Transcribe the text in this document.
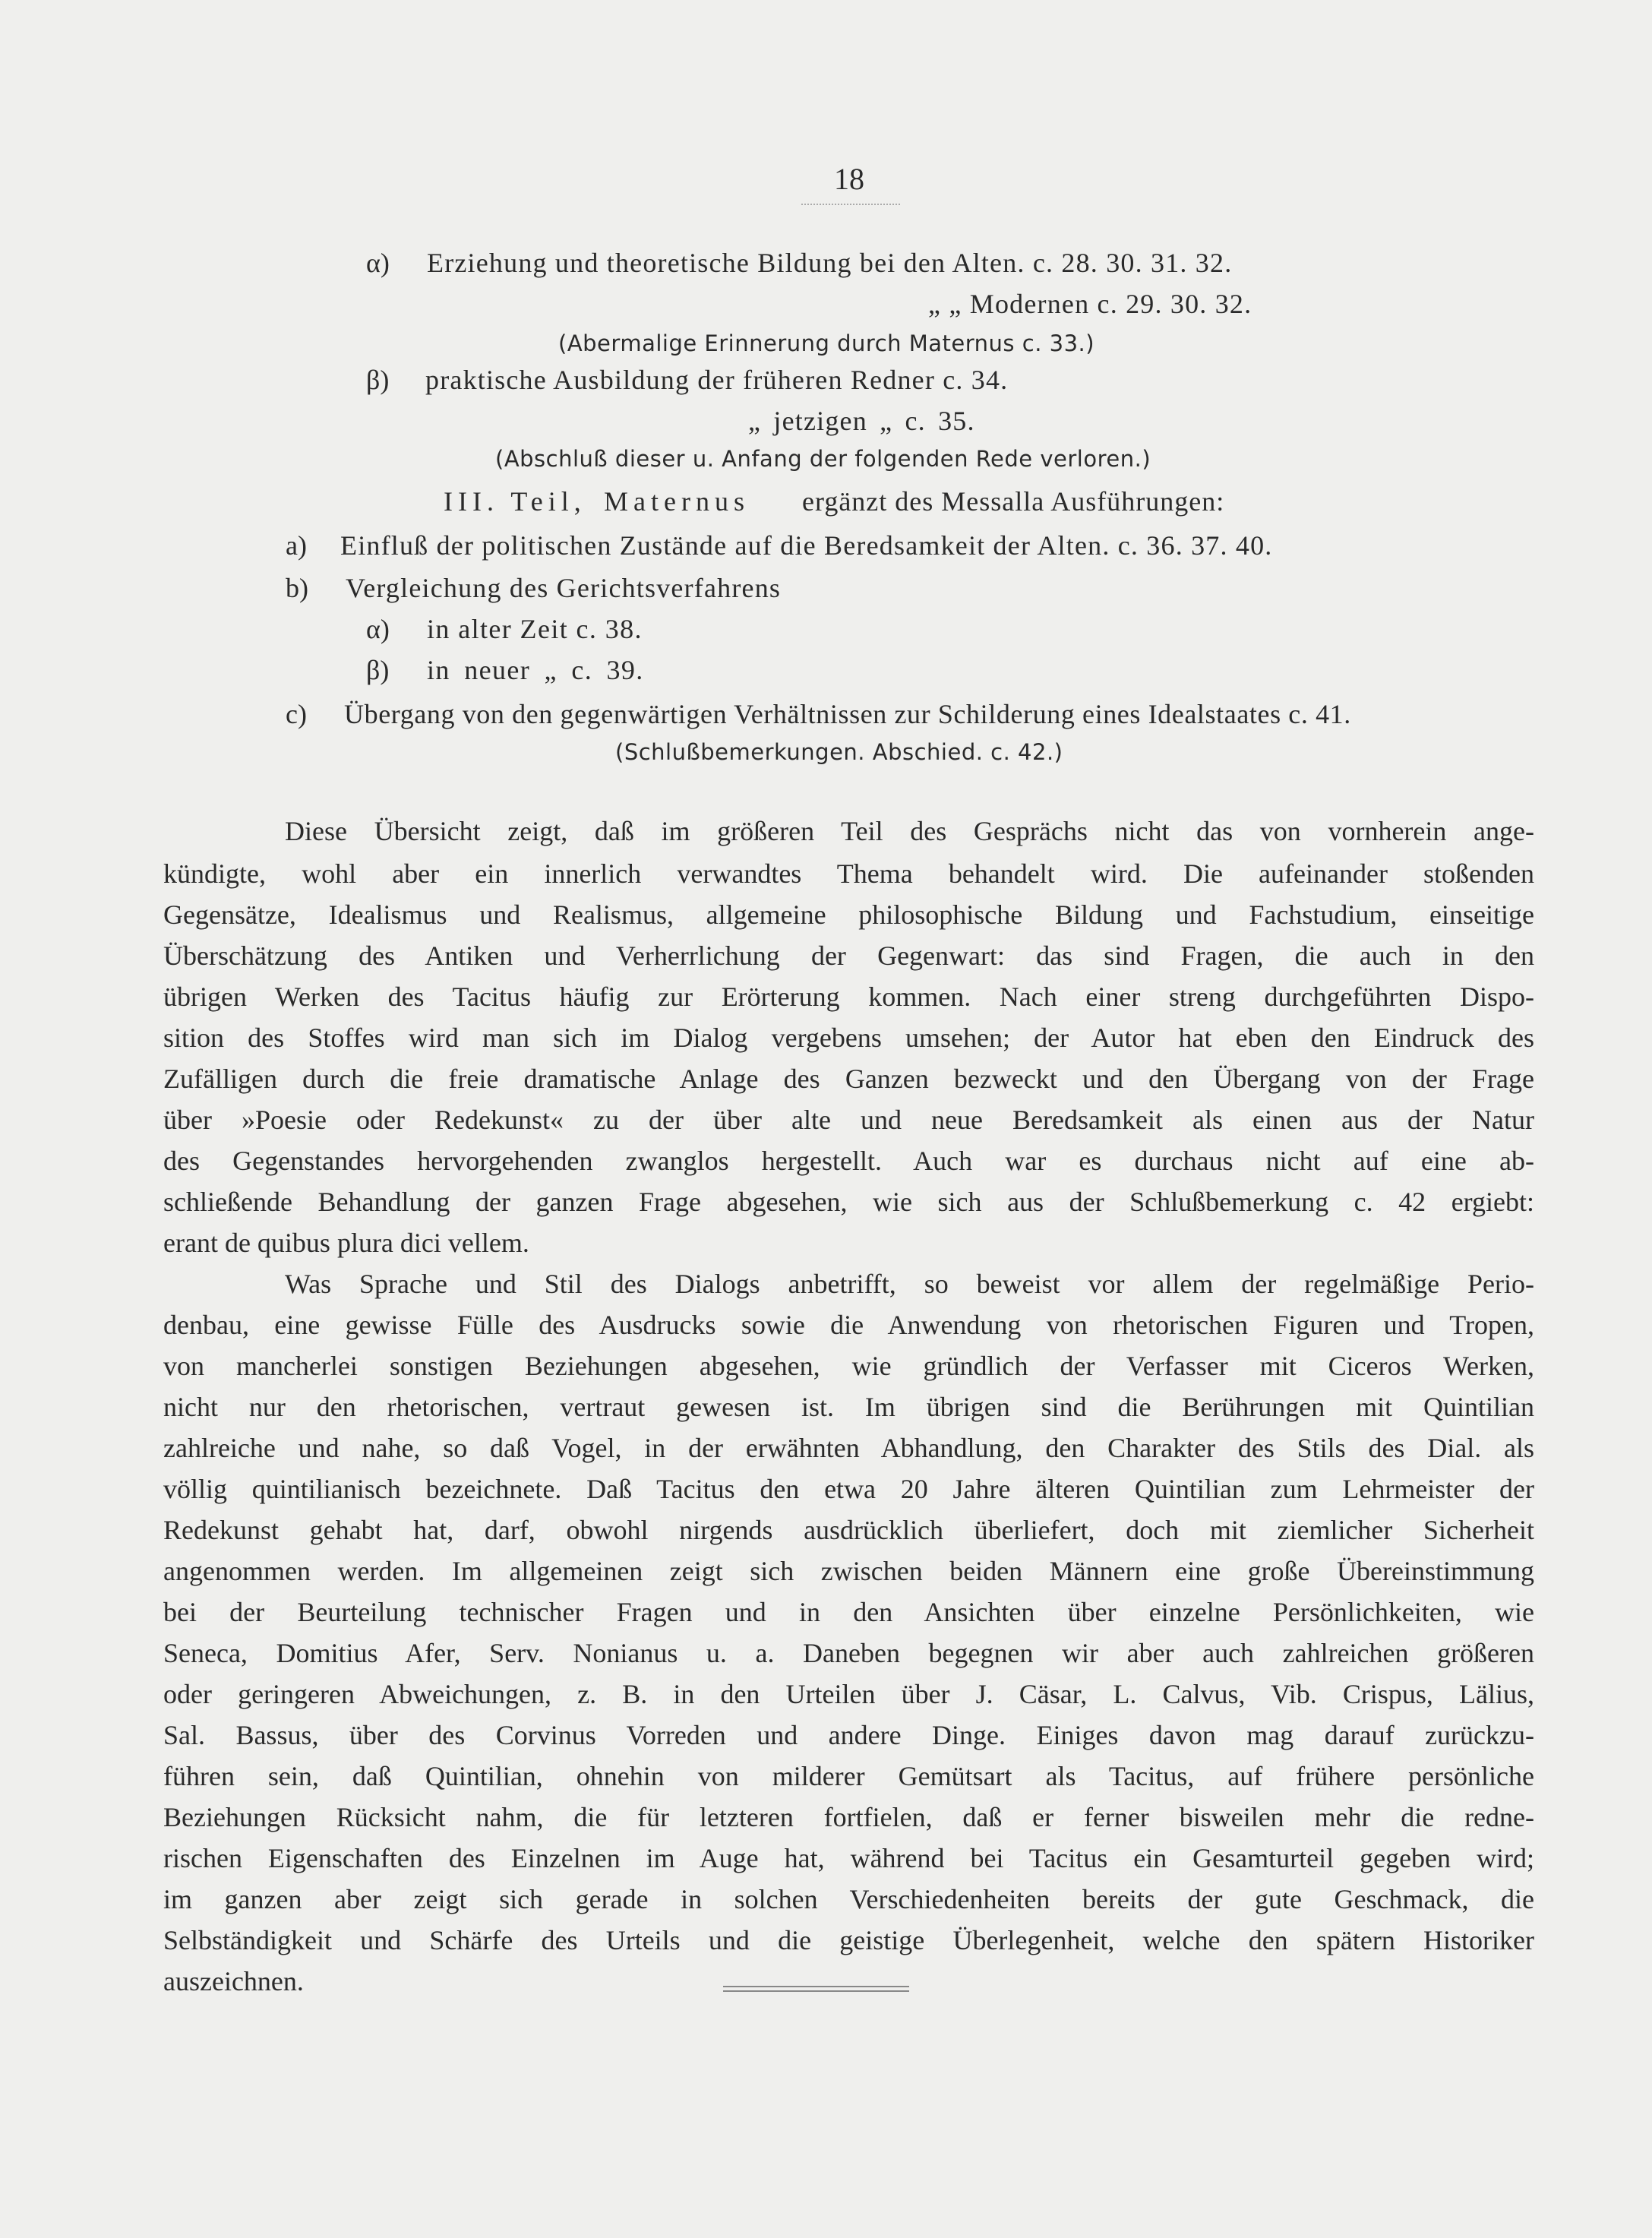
18
α) Erziehung und theoretische Bildung bei den Alten. c. 28. 30. 31. 32.
„ „ Modernen c. 29. 30. 32.
(Abermalige Erinnerung durch Maternus c. 33.)
β) praktische Ausbildung der früheren Redner c. 34.
„ jetzigen „ c. 35.
(Abschluß dieser u. Anfang der folgenden Rede verloren.)
III. Teil, Maternus ergänzt des Messalla Ausführungen:
a) Einfluß der politischen Zustände auf die Beredsamkeit der Alten. c. 36. 37. 40.
b) Vergleichung des Gerichtsverfahrens
α) in alter Zeit c. 38.
β) in neuer „ c. 39.
c) Übergang von den gegenwärtigen Verhältnissen zur Schilderung eines Idealstaates c. 41.
(Schlußbemerkungen. Abschied. c. 42.)
Diese Übersicht zeigt, daß im größeren Teil des Gesprächs nicht das von vornherein ange-
kündigte, wohl aber ein innerlich verwandtes Thema behandelt wird. Die aufeinander stoßenden
Gegensätze, Idealismus und Realismus, allgemeine philosophische Bildung und Fachstudium, einseitige
Überschätzung des Antiken und Verherrlichung der Gegenwart: das sind Fragen, die auch in den
übrigen Werken des Tacitus häufig zur Erörterung kommen. Nach einer streng durchgeführten Dispo-
sition des Stoffes wird man sich im Dialog vergebens umsehen; der Autor hat eben den Eindruck des
Zufälligen durch die freie dramatische Anlage des Ganzen bezweckt und den Übergang von der Frage
über »Poesie oder Redekunst« zu der über alte und neue Beredsamkeit als einen aus der Natur
des Gegenstandes hervorgehenden zwanglos hergestellt. Auch war es durchaus nicht auf eine ab-
schließende Behandlung der ganzen Frage abgesehen, wie sich aus der Schlußbemerkung c. 42 ergiebt:
erant de quibus plura dici vellem.
Was Sprache und Stil des Dialogs anbetrifft, so beweist vor allem der regelmäßige Perio-
denbau, eine gewisse Fülle des Ausdrucks sowie die Anwendung von rhetorischen Figuren und Tropen,
von mancherlei sonstigen Beziehungen abgesehen, wie gründlich der Verfasser mit Ciceros Werken,
nicht nur den rhetorischen, vertraut gewesen ist. Im übrigen sind die Berührungen mit Quintilian
zahlreiche und nahe, so daß Vogel, in der erwähnten Abhandlung, den Charakter des Stils des Dial. als
völlig quintilianisch bezeichnete. Daß Tacitus den etwa 20 Jahre älteren Quintilian zum Lehrmeister der
Redekunst gehabt hat, darf, obwohl nirgends ausdrücklich überliefert, doch mit ziemlicher Sicherheit
angenommen werden. Im allgemeinen zeigt sich zwischen beiden Männern eine große Übereinstimmung
bei der Beurteilung technischer Fragen und in den Ansichten über einzelne Persönlichkeiten, wie
Seneca, Domitius Afer, Serv. Nonianus u. a. Daneben begegnen wir aber auch zahlreichen größeren
oder geringeren Abweichungen, z. B. in den Urteilen über J. Cäsar, L. Calvus, Vib. Crispus, Lälius,
Sal. Bassus, über des Corvinus Vorreden und andere Dinge. Einiges davon mag darauf zurückzu-
führen sein, daß Quintilian, ohnehin von milderer Gemütsart als Tacitus, auf frühere persönliche
Beziehungen Rücksicht nahm, die für letzteren fortfielen, daß er ferner bisweilen mehr die redne-
rischen Eigenschaften des Einzelnen im Auge hat, während bei Tacitus ein Gesamturteil gegeben wird;
im ganzen aber zeigt sich gerade in solchen Verschiedenheiten bereits der gute Geschmack, die
Selbständigkeit und Schärfe des Urteils und die geistige Überlegenheit, welche den spätern Historiker
auszeichnen.
